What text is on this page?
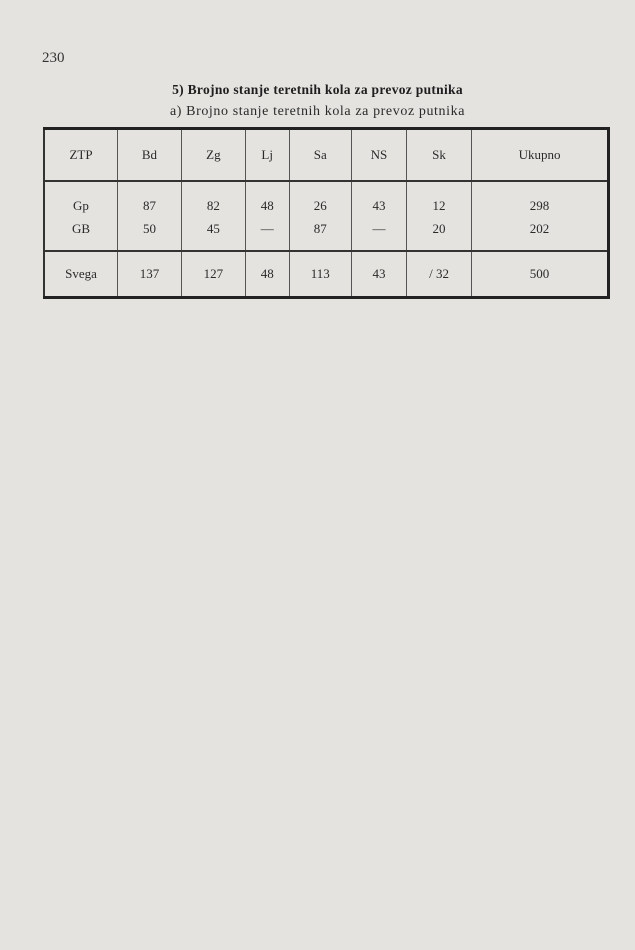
230
5) Brojno stanje teretnih kola za prevoz putnika
a) Brojno stanje teretnih kola za prevoz putnika
ZTP	Bd	Zg	Lj	Sa	NS	Sk	Ukupno
Gp	87	82	48	26	43	12	298
GB	50	45	—	87	—	20	202
Svega	137	127	48	113	43	/ 32	500
